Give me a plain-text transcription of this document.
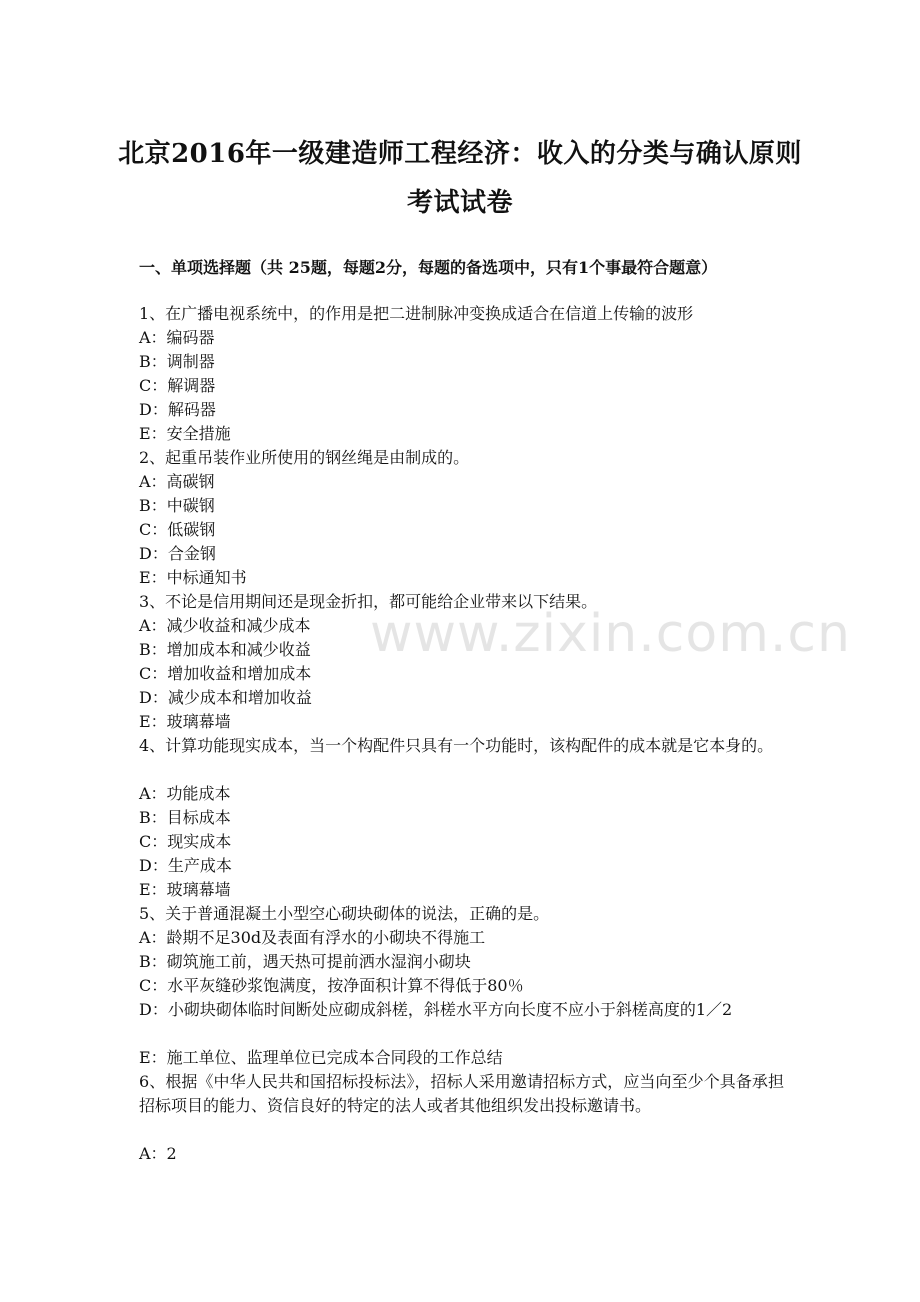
北京2016年一级建造师工程经济：收入的分类与确认原则
考试试卷
一、单项选择题（共 25题，每题2分，每题的备选项中，只有1个事最符合题意）
1、在广播电视系统中，的作用是把二进制脉冲变换成适合在信道上传输的波形
A：编码器
B：调制器
C：解调器
D：解码器
E：安全措施
2、起重吊装作业所使用的钢丝绳是由制成的。
A：高碳钢
B：中碳钢
C：低碳钢
D：合金钢
E：中标通知书
3、不论是信用期间还是现金折扣，都可能给企业带来以下结果。
A：减少收益和减少成本
B：增加成本和减少收益
C：增加收益和增加成本
D：减少成本和增加收益
E：玻璃幕墙
4、计算功能现实成本，当一个构配件只具有一个功能时，该构配件的成本就是它本身的。
A：功能成本
B：目标成本
C：现实成本
D：生产成本
E：玻璃幕墙
5、关于普通混凝土小型空心砌块砌体的说法，正确的是。
A：龄期不足30d及表面有浮水的小砌块不得施工
B：砌筑施工前，遇天热可提前洒水湿润小砌块
C：水平灰缝砂浆饱满度，按净面积计算不得低于80％
D：小砌块砌体临时间断处应砌成斜槎，斜槎水平方向长度不应小于斜槎高度的1／2
E：施工单位、监理单位已完成本合同段的工作总结
6、根据《中华人民共和国招标投标法》，招标人采用邀请招标方式，应当向至少个具备承担招标项目的能力、资信良好的特定的法人或者其他组织发出投标邀请书。
A：2
www.zixin.com.cn
